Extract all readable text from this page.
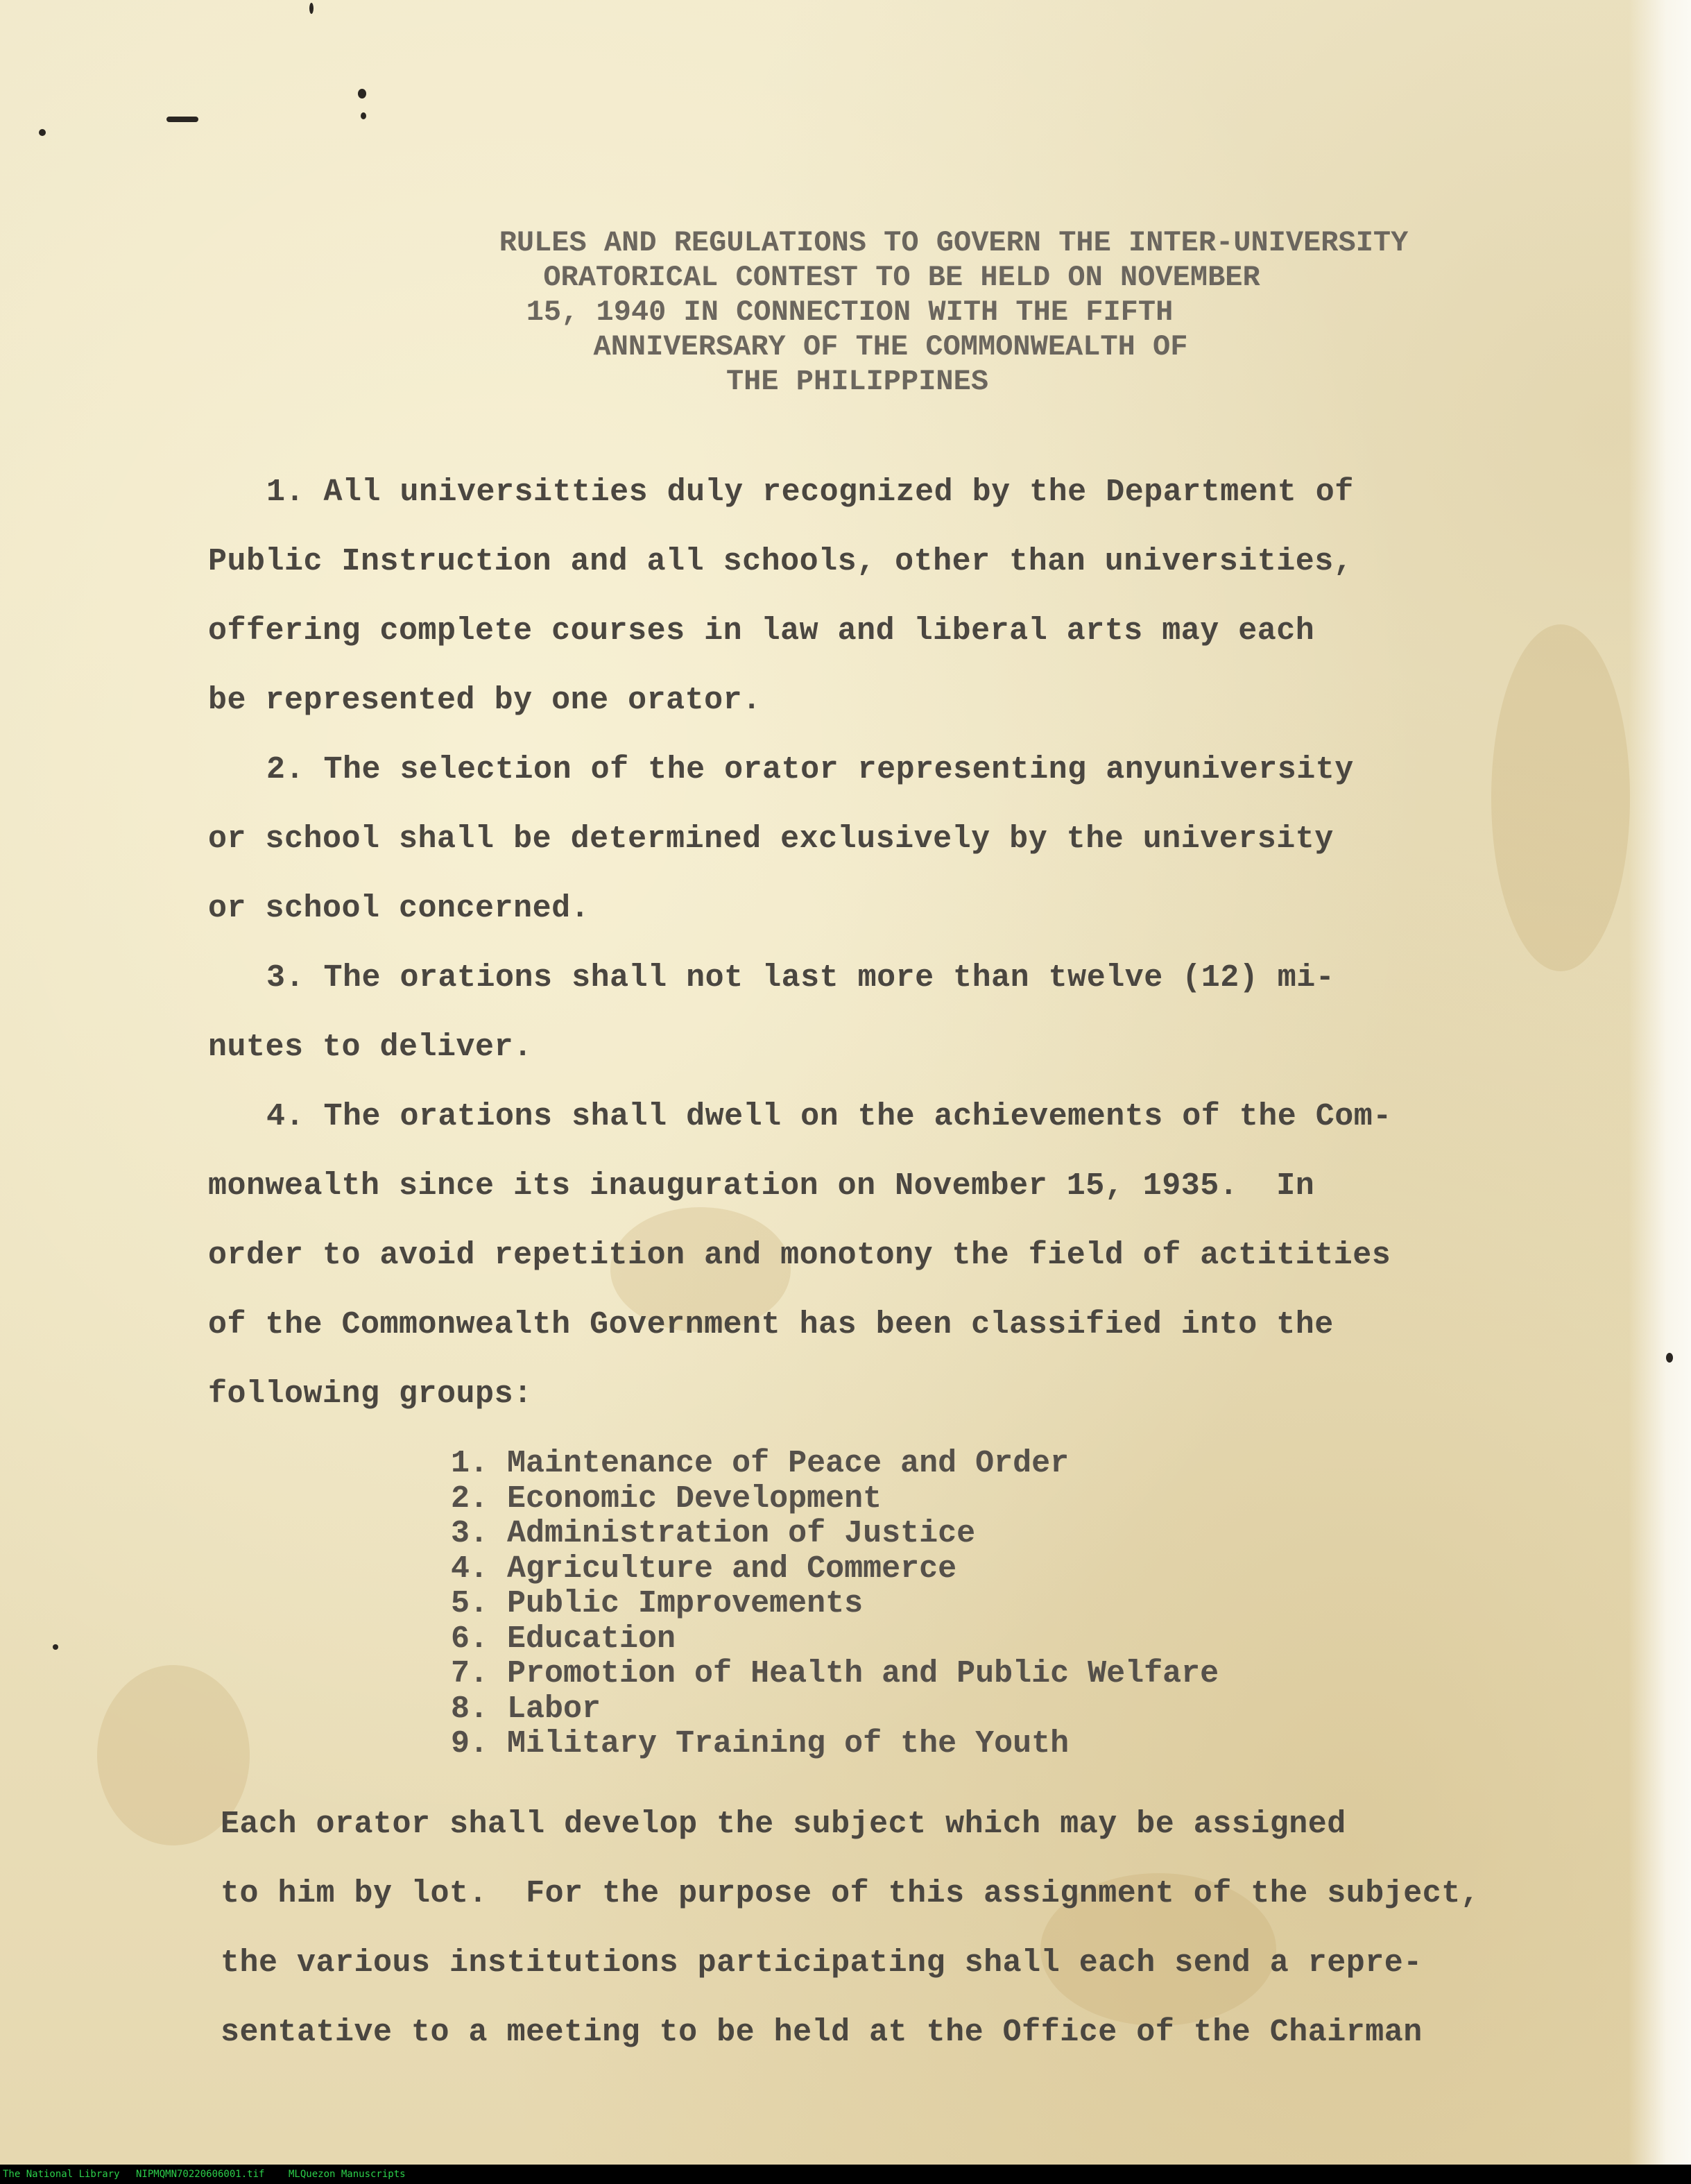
RULES AND REGULATIONS TO GOVERN THE INTER-UNIVERSITY
ORATORICAL CONTEST TO BE HELD ON NOVEMBER
15, 1940 IN CONNECTION WITH THE FIFTH
ANNIVERSARY OF THE COMMONWEALTH OF
THE PHILIPPINES
1. All universitties duly recognized by the Department of
Public Instruction and all schools, other than universities,
offering complete courses in law and liberal arts may each
be represented by one orator.
2. The selection of the orator representing anyuniversity
or school shall be determined exclusively by the university
or school concerned.
3. The orations shall not last more than twelve (12) mi-
nutes to deliver.
4. The orations shall dwell on the achievements of the Com-
monwealth since its inauguration on November 15, 1935.  In
order to avoid repetition and monotony the field of actitities
of the Commonwealth Government has been classified into the
following groups:
1. Maintenance of Peace and Order
2. Economic Development
3. Administration of Justice
4. Agriculture and Commerce
5. Public Improvements
6. Education
7. Promotion of Health and Public Welfare
8. Labor
9. Military Training of the Youth
Each orator shall develop the subject which may be assigned
to him by lot.  For the purpose of this assignment of the subject,
the various institutions participating shall each send a repre-
sentative to a meeting to be held at the Office of the Chairman
The National Library NIPMQMN70220606001.tif MLQuezon Manuscripts
